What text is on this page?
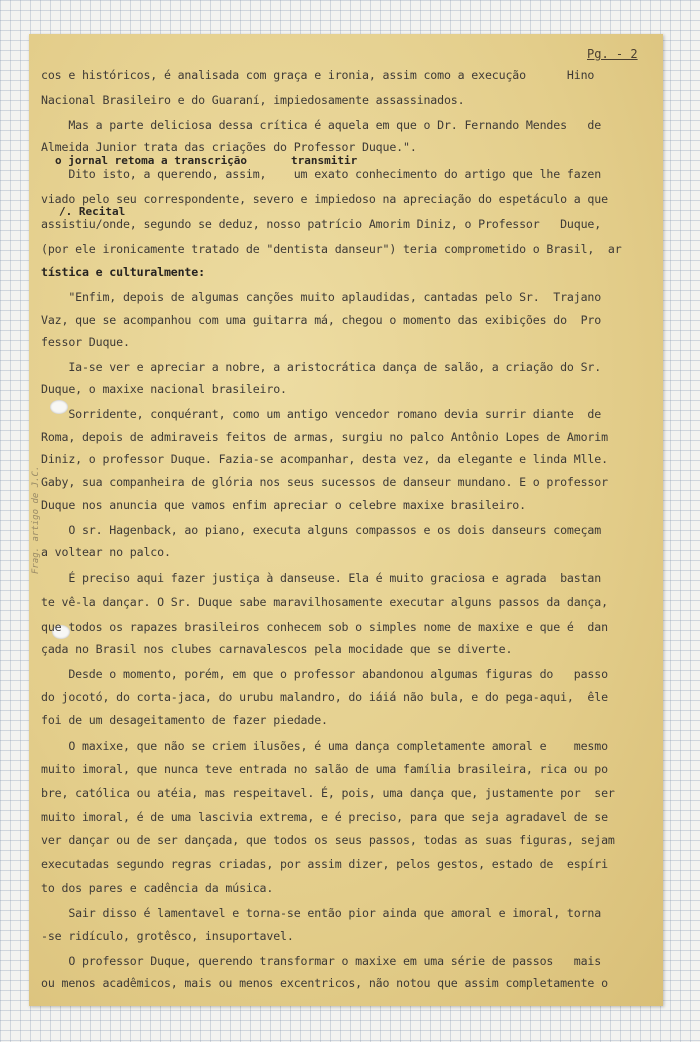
Pg. - 2
Frag. artigo de J.C.
o jornal retoma a transcrição	transmitir
/. Recital
cos e históricos, é analisada com graça e ironia, assim como a execução      Hino
Nacional Brasileiro e do Guaraní, impiedosamente assassinados.
Mas a parte deliciosa dessa crítica é aquela em que o Dr. Fernando Mendes   de
Almeida Junior trata das criações do Professor Duque.".
Dito isto, a querendo, assim,    um exato conhecimento do artigo que lhe fazen
viado pelo seu correspondente, severo e impiedoso na apreciação do espetáculo a que
assistiu/onde, segundo se deduz, nosso patrício Amorim Diniz, o Professor   Duque,
(por ele ironicamente tratado de "dentista danseur") teria comprometido o Brasil,  ar
tística e culturalmente:
"Enfim, depois de algumas canções muito aplaudidas, cantadas pelo Sr.  Trajano
Vaz, que se acompanhou com uma guitarra má, chegou o momento das exibições do  Pro
fessor Duque.
Ia-se ver e apreciar a nobre, a aristocrática dança de salão, a criação do Sr.
Duque, o maxixe nacional brasileiro.
Sorridente, conquérant, como um antigo vencedor romano devia surrir diante  de
Roma, depois de admiraveis feitos de armas, surgiu no palco Antônio Lopes de Amorim
Diniz, o professor Duque. Fazia-se acompanhar, desta vez, da elegante e linda Mlle.
Gaby, sua companheira de glória nos seus sucessos de danseur mundano. E o professor
Duque nos anuncia que vamos enfim apreciar o celebre maxixe brasileiro.
O sr. Hagenback, ao piano, executa alguns compassos e os dois danseurs começam
a voltear no palco.
É preciso aqui fazer justiça à danseuse. Ela é muito graciosa e agrada  bastan
te vê-la dançar. O Sr. Duque sabe maravilhosamente executar alguns passos da dança,
que todos os rapazes brasileiros conhecem sob o simples nome de maxixe e que é  dan
çada no Brasil nos clubes carnavalescos pela mocidade que se diverte.
Desde o momento, porém, em que o professor abandonou algumas figuras do   passo
do jocotó, do corta-jaca, do urubu malandro, do iáiá não bula, e do pega-aqui,  êle
foi de um desageitamento de fazer piedade.
O maxixe, que não se criem ilusões, é uma dança completamente amoral e    mesmo
muito imoral, que nunca teve entrada no salão de uma família brasileira, rica ou po
bre, católica ou atéia, mas respeitavel. É, pois, uma dança que, justamente por  ser
muito imoral, é de uma lascivia extrema, e é preciso, para que seja agradavel de se
ver dançar ou de ser dançada, que todos os seus passos, todas as suas figuras, sejam
executadas segundo regras criadas, por assim dizer, pelos gestos, estado de  espíri
to dos pares e cadência da música.
Sair disso é lamentavel e torna-se então pior ainda que amoral e imoral, torna
-se ridículo, grotêsco, insuportavel.
O professor Duque, querendo transformar o maxixe em uma série de passos   mais
ou menos acadêmicos, mais ou menos excentricos, não notou que assim completamente o
